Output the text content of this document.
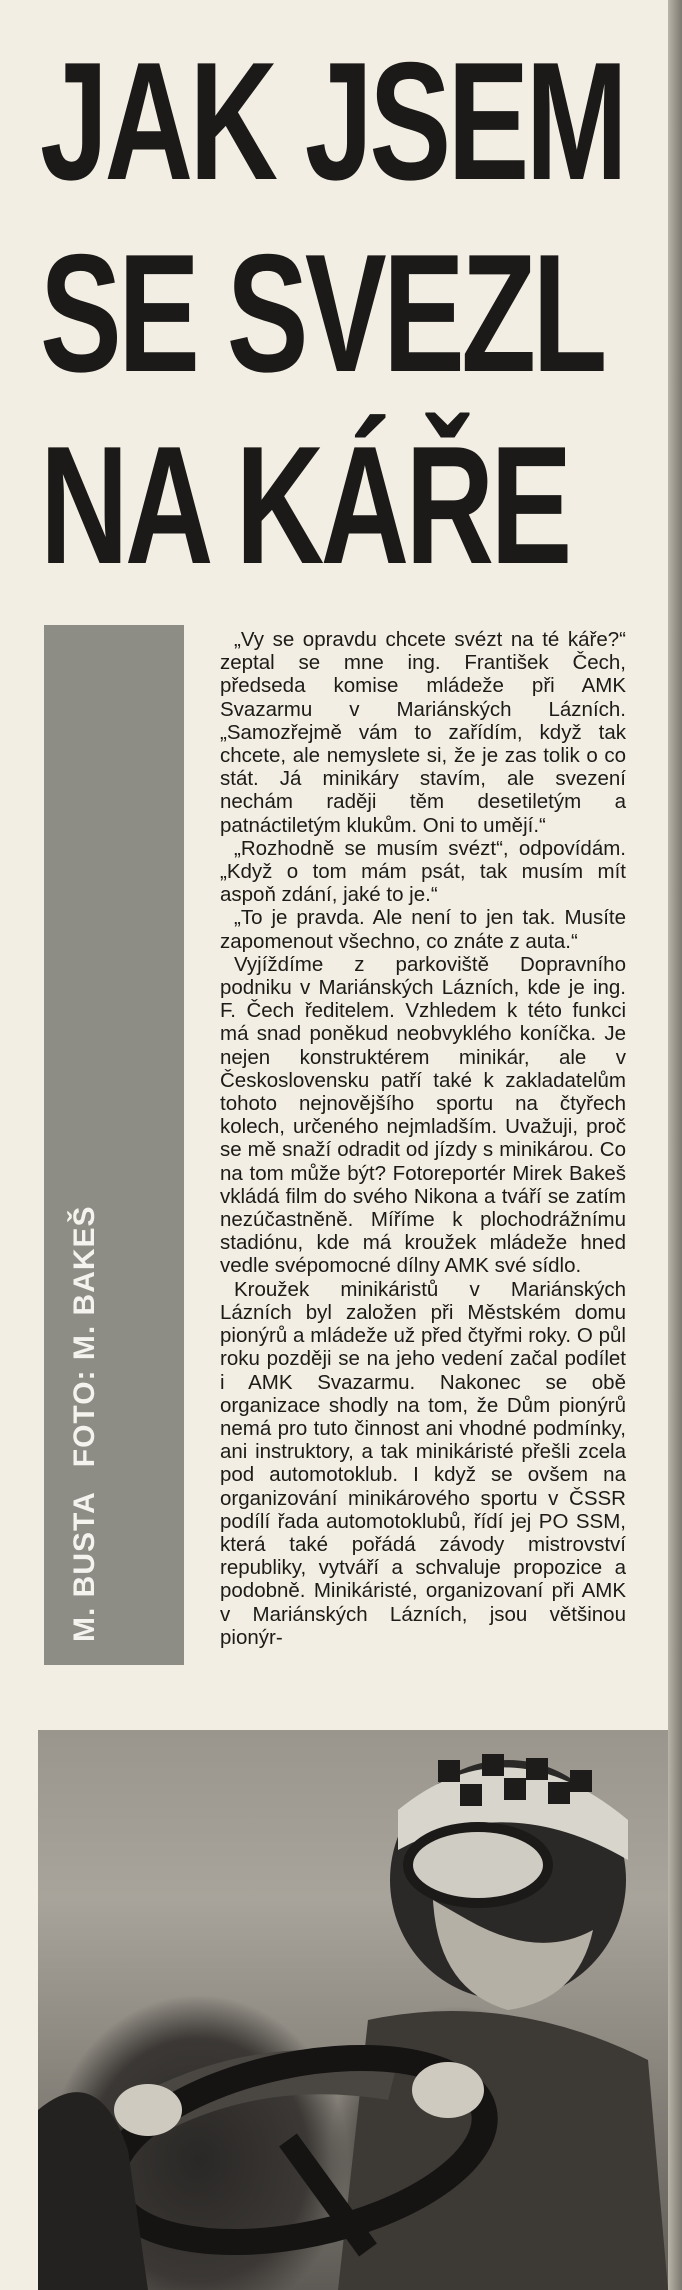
JAK JSEM
SE SVEZL
NA KÁŘE
M. BUSTAFOTO: M. BAKEŠ

„Vy se opravdu chcete svézt na té káře?“ zeptal se mne ing. František Čech, předseda komise mládeže při AMK Svazarmu v Mariánských Lázních. „Samozřejmě vám to zařídím, když tak chcete, ale nemyslete si, že je zas tolik o co stát. Já minikáry stavím, ale svezení nechám raději těm desetiletým a patnáctiletým klukům. Oni to umějí.“

„Rozhodně se musím svézt“, odpovídám. „Když o tom mám psát, tak musím mít aspoň zdání, jaké to je.“

„To je pravda. Ale není to jen tak. Musíte zapomenout všechno, co znáte z auta.“

Vyjíždíme z parkoviště Dopravního podniku v Mariánských Lázních, kde je ing. F. Čech ředitelem. Vzhledem k této funkci má snad poněkud neobvyklého koníčka. Je nejen konstruktérem minikár, ale v Československu patří také k zakladatelům tohoto nejnovějšího sportu na čtyřech kolech, určeného nejmladším. Uvažuji, proč se mě snaží odradit od jízdy s minikárou. Co na tom může být? Fotoreportér Mirek Bakeš vkládá film do svého Nikona a tváří se zatím nezúčastněně. Míříme k plochodrážnímu stadiónu, kde má kroužek mládeže hned vedle svépomocné dílny AMK své sídlo.

Kroužek minikáristů v Mariánských Lázních byl založen při Městském domu pionýrů a mládeže už před čtyřmi roky. O půl roku později se na jeho vedení začal podílet i AMK Svazarmu. Nakonec se obě organizace shodly na tom, že Dům pionýrů nemá pro tuto činnost ani vhodné podmínky, ani instruktory, a tak minikáristé přešli zcela pod automotoklub. I když se ovšem na organizování minikárového sportu v ČSSR podílí řada automotoklubů, řídí jej PO SSM, která také pořádá závody mistrovství republiky, vytváří a schvaluje propozice a podobně. Minikáristé, organizovaní při AMK v Mariánských Lázních, jsou většinou pionýr-
